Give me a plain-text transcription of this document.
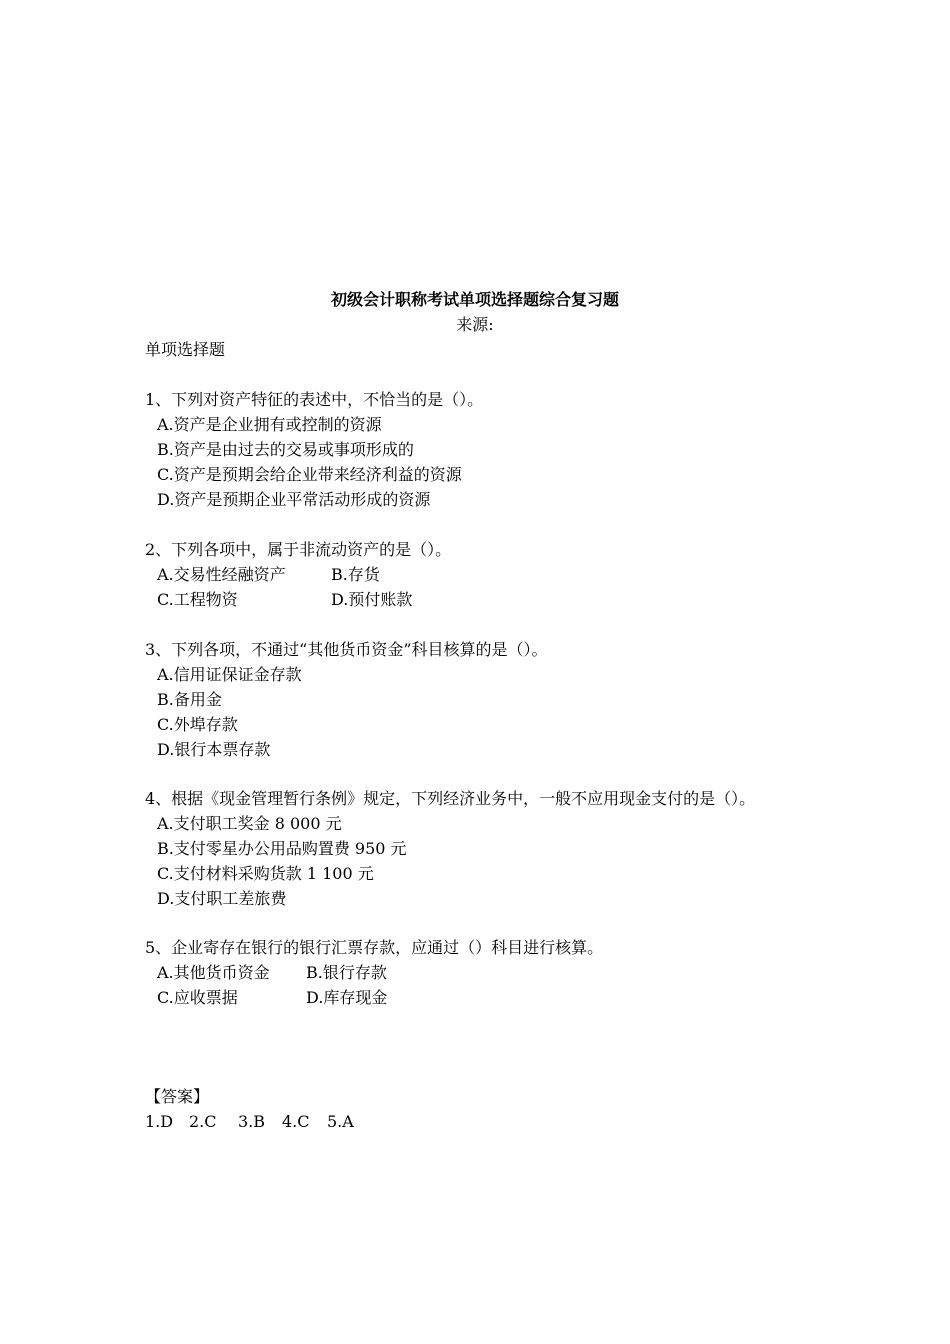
初级会计职称考试单项选择题综合复习题
来源:
单项选择题
1、下列对资产特征的表述中，不恰当的是（）。
A.资产是企业拥有或控制的资源
B.资产是由过去的交易或事项形成的
C.资产是预期会给企业带来经济利益的资源
D.资产是预期企业平常活动形成的资源
2、下列各项中，属于非流动资产的是（）。
A.交易性经融资产	B.存货
C.工程物资	D.预付账款
3、下列各项，不通过“其他货币资金”科目核算的是（）。
A.信用证保证金存款
B.备用金
C.外埠存款
D.银行本票存款
4、根据《现金管理暂行条例》规定，下列经济业务中，一般不应用现金支付的是（）。
A.支付职工奖金 8 000 元
B.支付零星办公用品购置费 950 元
C.支付材料采购货款 1 100 元
D.支付职工差旅费
5、企业寄存在银行的银行汇票存款，应通过（）科目进行核算。
A.其他货币资金 B.银行存款
C.应收票据	D.库存现金
【答案】
1.D 2.C 3.B 4.C 5.A
